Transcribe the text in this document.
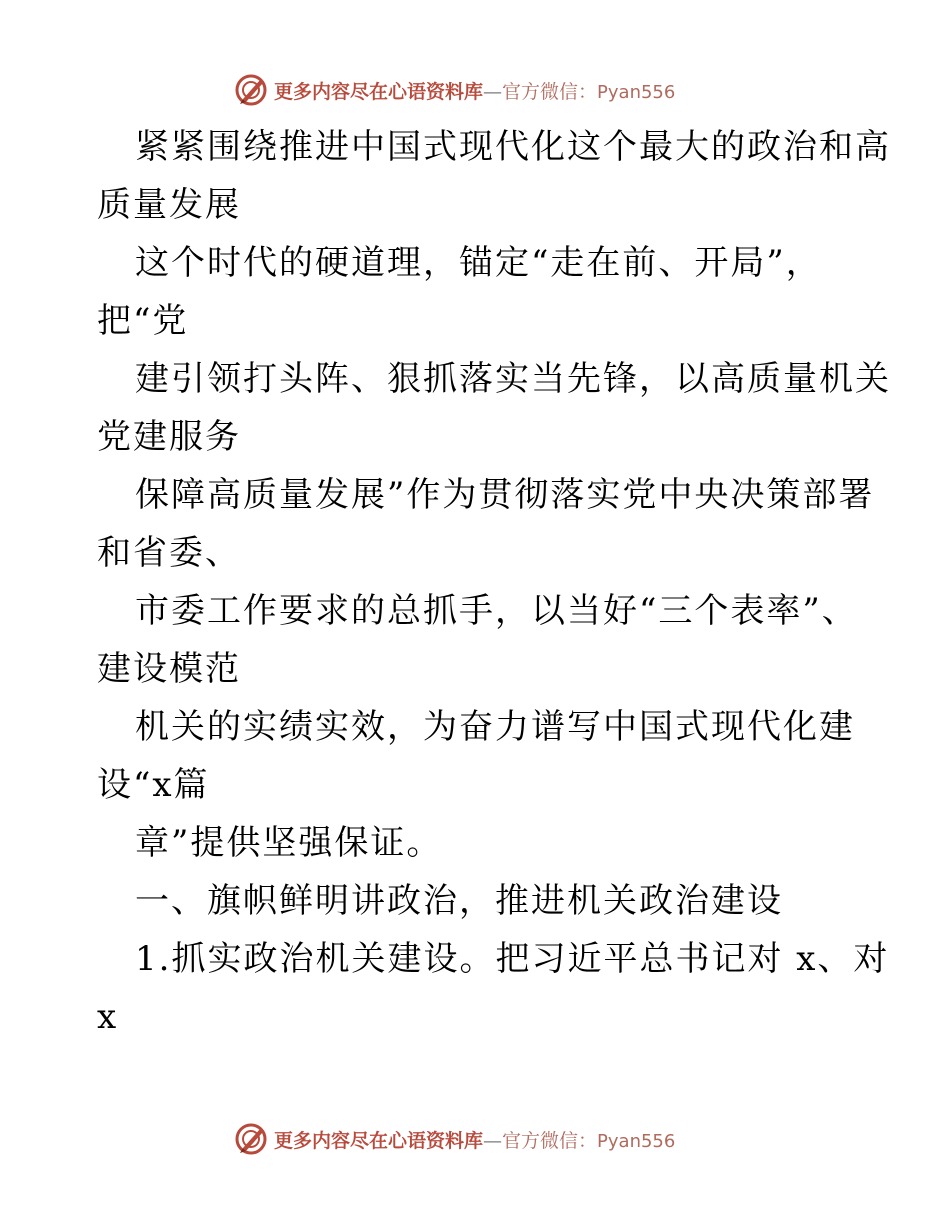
更多内容尽在心语资料库—官方微信：Pyan556
紧紧围绕推进中国式现代化这个最大的政治和高
质量发展
这个时代的硬道理，锚定“走在前、开局”，
把“党
建引领打头阵、狠抓落实当先锋，以高质量机关
党建服务
保障高质量发展”作为贯彻落实党中央决策部署
和省委、
市委工作要求的总抓手，以当好“三个表率”、
建设模范
机关的实绩实效，为奋力谱写中国式现代化建
设“x篇
章”提供坚强保证。
一、旗帜鲜明讲政治，推进机关政治建设
1.抓实政治机关建设。把习近平总书记对 x、对
x
更多内容尽在心语资料库—官方微信：Pyan556
